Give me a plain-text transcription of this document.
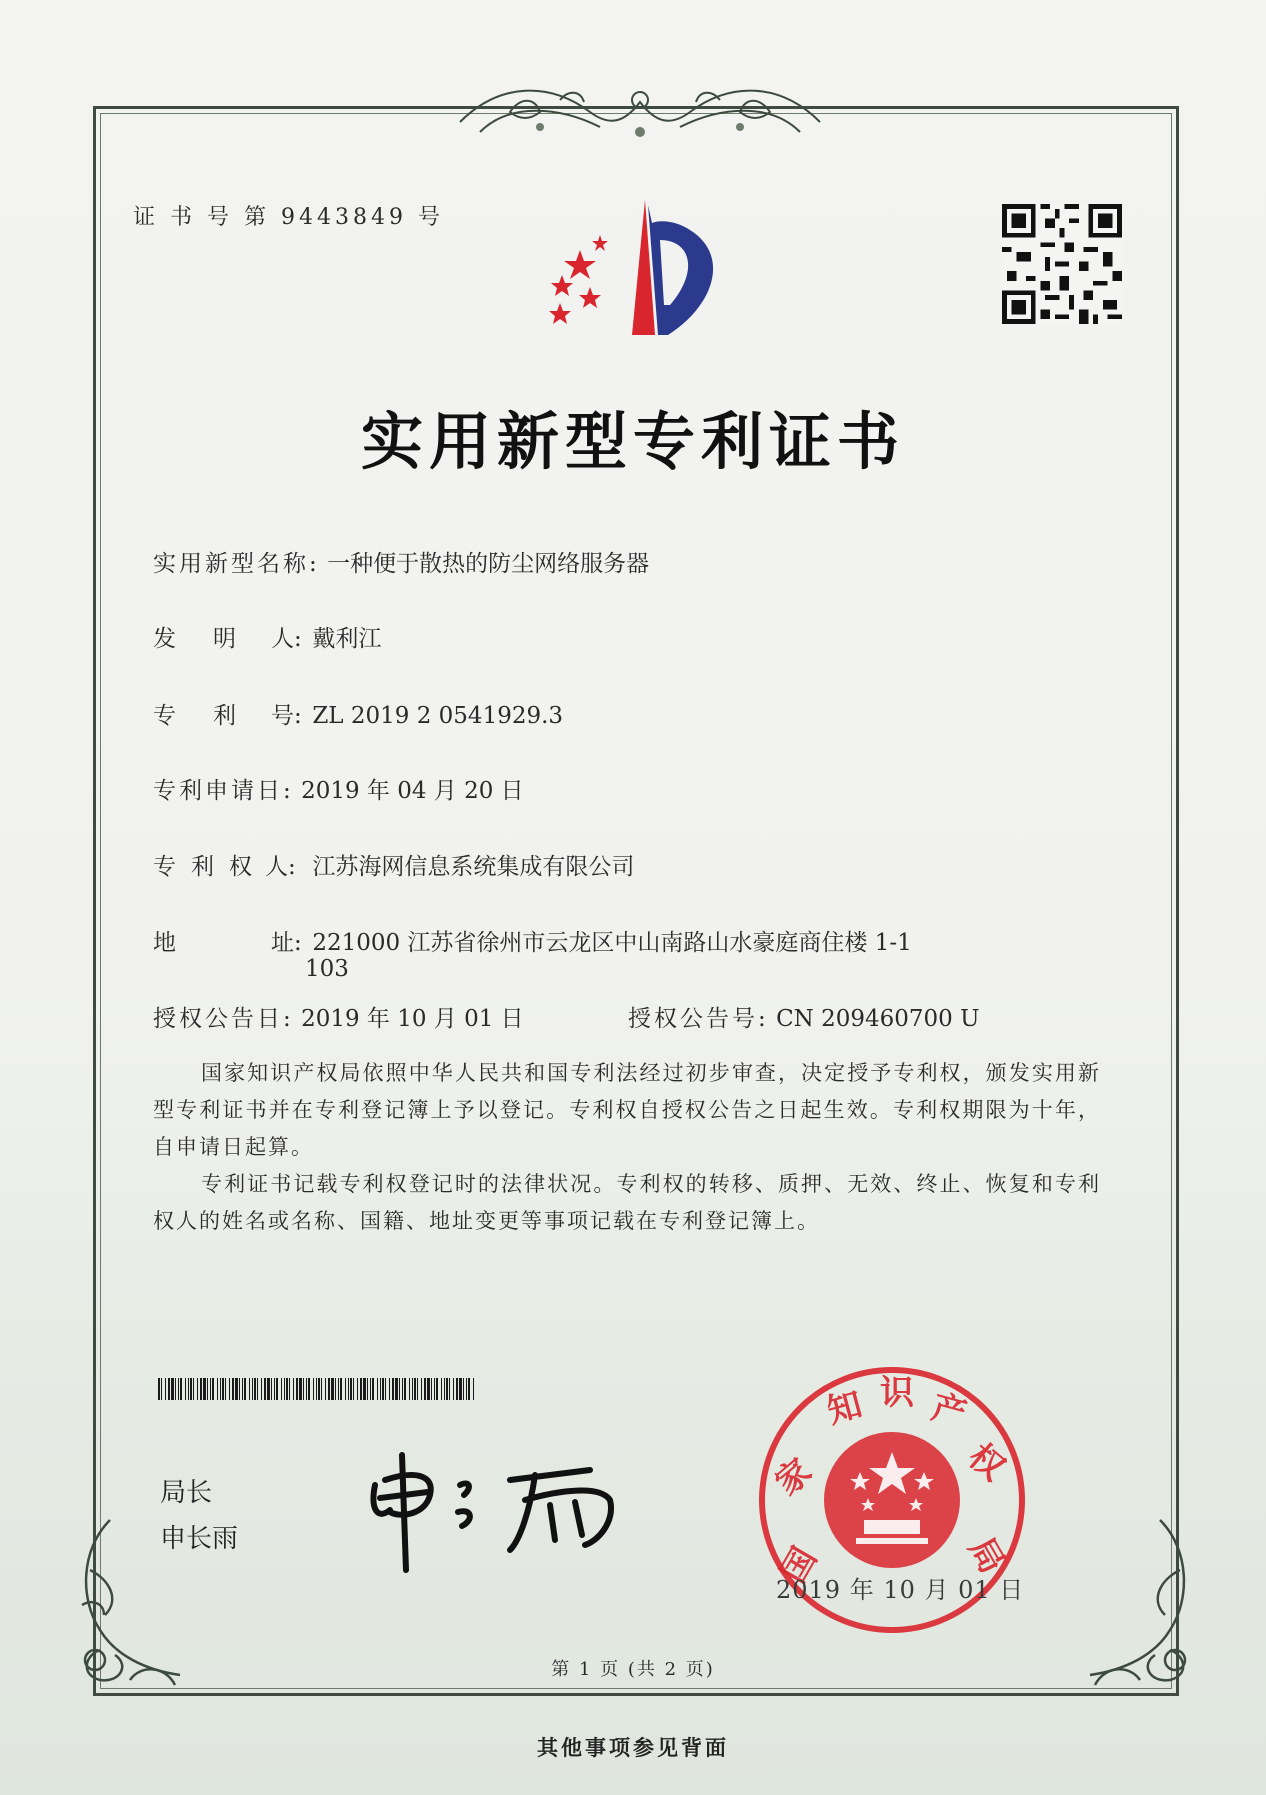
证 书 号 第 9443849 号
实用新型专利证书
实用新型名称: 一种便于散热的防尘网络服务器
发 明 人: 戴利江
专 利 号: ZL 2019 2 0541929.3
专利申请日: 2019 年 04 月 20 日
专 利 权 人: 江苏海网信息系统集成有限公司
地	址: 221000 江苏省徐州市云龙区中山南路山水豪庭商住楼 1-1
103
授权公告日: 2019 年 10 月 01 日	授权公告号: CN 209460700 U
国家知识产权局依照中华人民共和国专利法经过初步审查，决定授予专利权，颁发实用新型专利证书并在专利登记簿上予以登记。专利权自授权公告之日起生效。专利权期限为十年，自申请日起算。
专利证书记载专利权登记时的法律状况。专利权的转移、质押、无效、终止、恢复和专利权人的姓名或名称、国籍、地址变更等事项记载在专利登记簿上。
局长
申长雨
国
家
知 识 产
权
局
2019 年 10 月 01 日
第 1 页 (共 2 页)
其他事项参见背面
